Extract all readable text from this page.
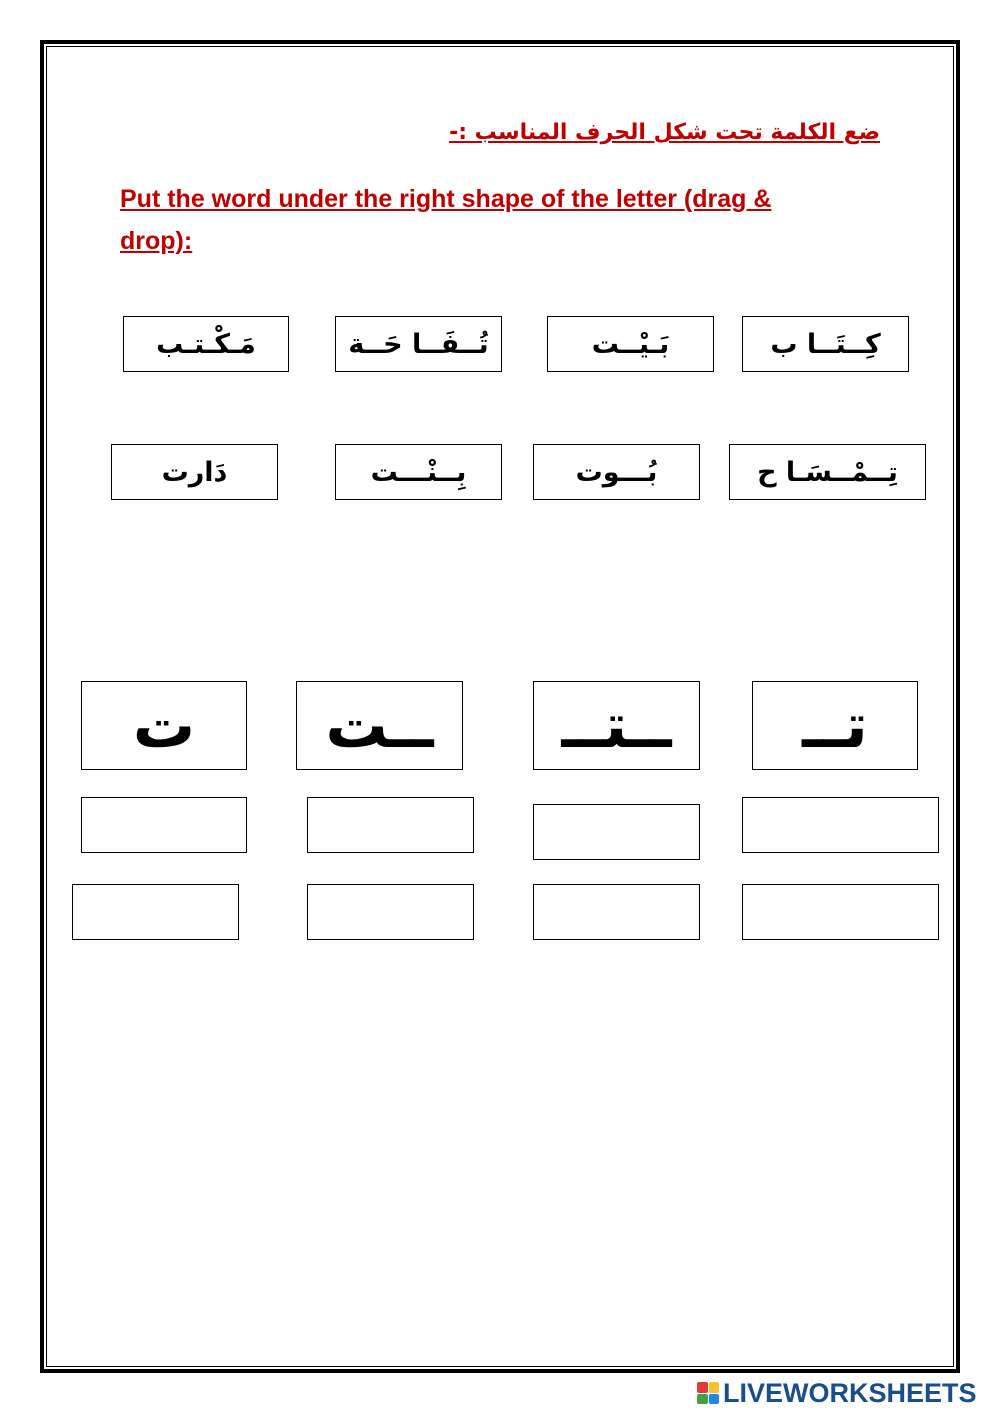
ضع الكلمة تحت شكل الحرف المناسب :-
Put the word under the right shape of the letter (drag & drop):
مَـكْـتـب	تُــفَــا حَــة	بَـيْــت	كِــتَــا ب
دَارت	بِــنْـــت	بُـــوت	تِــمْــسَـا ح
ت	ــت	ــتــ	تــ
LIVEWORKSHEETS
